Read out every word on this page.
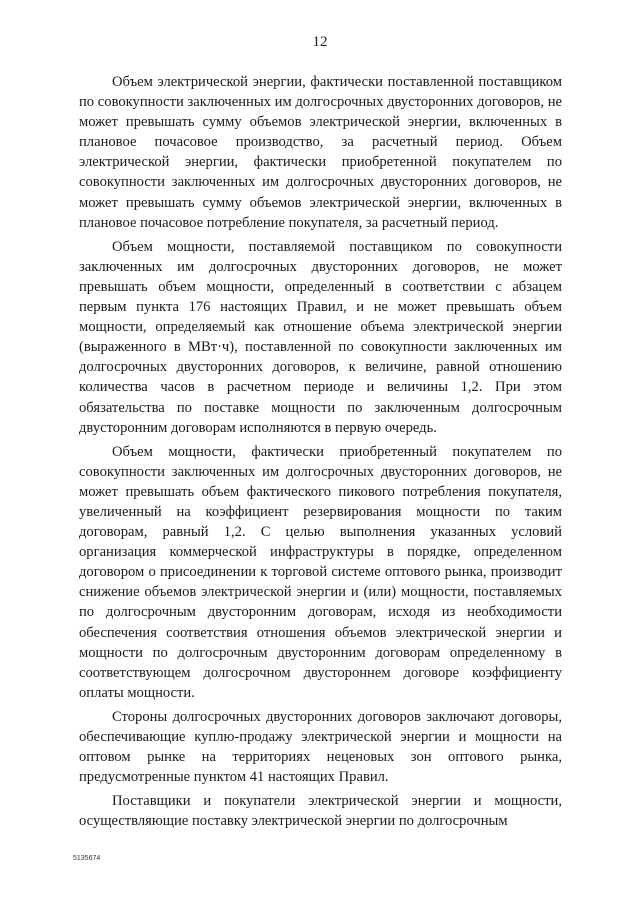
12

Объем электрической энергии, фактически поставленной поставщиком по совокупности заключенных им долгосрочных двусторонних договоров, не может превышать сумму объемов электрической энергии, включенных в плановое почасовое производство, за расчетный период. Объем электрической энергии, фактически приобретенной покупателем по совокупности заключенных им долгосрочных двусторонних договоров, не может превышать сумму объемов электрической энергии, включенных в плановое почасовое потребление покупателя, за расчетный период.

Объем мощности, поставляемой поставщиком по совокупности заключенных им долгосрочных двусторонних договоров, не может превышать объем мощности, определенный в соответствии с абзацем первым пункта 176 настоящих Правил, и не может превышать объем мощности, определяемый как отношение объема электрической энергии (выраженного в МВт·ч), поставленной по совокупности заключенных им долгосрочных двусторонних договоров, к величине, равной отношению количества часов в расчетном периоде и величины 1,2. При этом обязательства по поставке мощности по заключенным долгосрочным двусторонним договорам исполняются в первую очередь.

Объем мощности, фактически приобретенный покупателем по совокупности заключенных им долгосрочных двусторонних договоров, не может превышать объем фактического пикового потребления покупателя, увеличенный на коэффициент резервирования мощности по таким договорам, равный 1,2. С целью выполнения указанных условий организация коммерческой инфраструктуры в порядке, определенном договором о присоединении к торговой системе оптового рынка, производит снижение объемов электрической энергии и (или) мощности, поставляемых по долгосрочным двусторонним договорам, исходя из необходимости обеспечения соответствия отношения объемов электрической энергии и мощности по долгосрочным двусторонним договорам определенному в соответствующем долгосрочном двустороннем договоре коэффициенту оплаты мощности.

Стороны долгосрочных двусторонних договоров заключают договоры, обеспечивающие куплю-продажу электрической энергии и мощности на оптовом рынке на территориях неценовых зон оптового рынка, предусмотренные пунктом 41 настоящих Правил.

Поставщики и покупатели электрической энергии и мощности, осуществляющие поставку электрической энергии по долгосрочным

5135674
